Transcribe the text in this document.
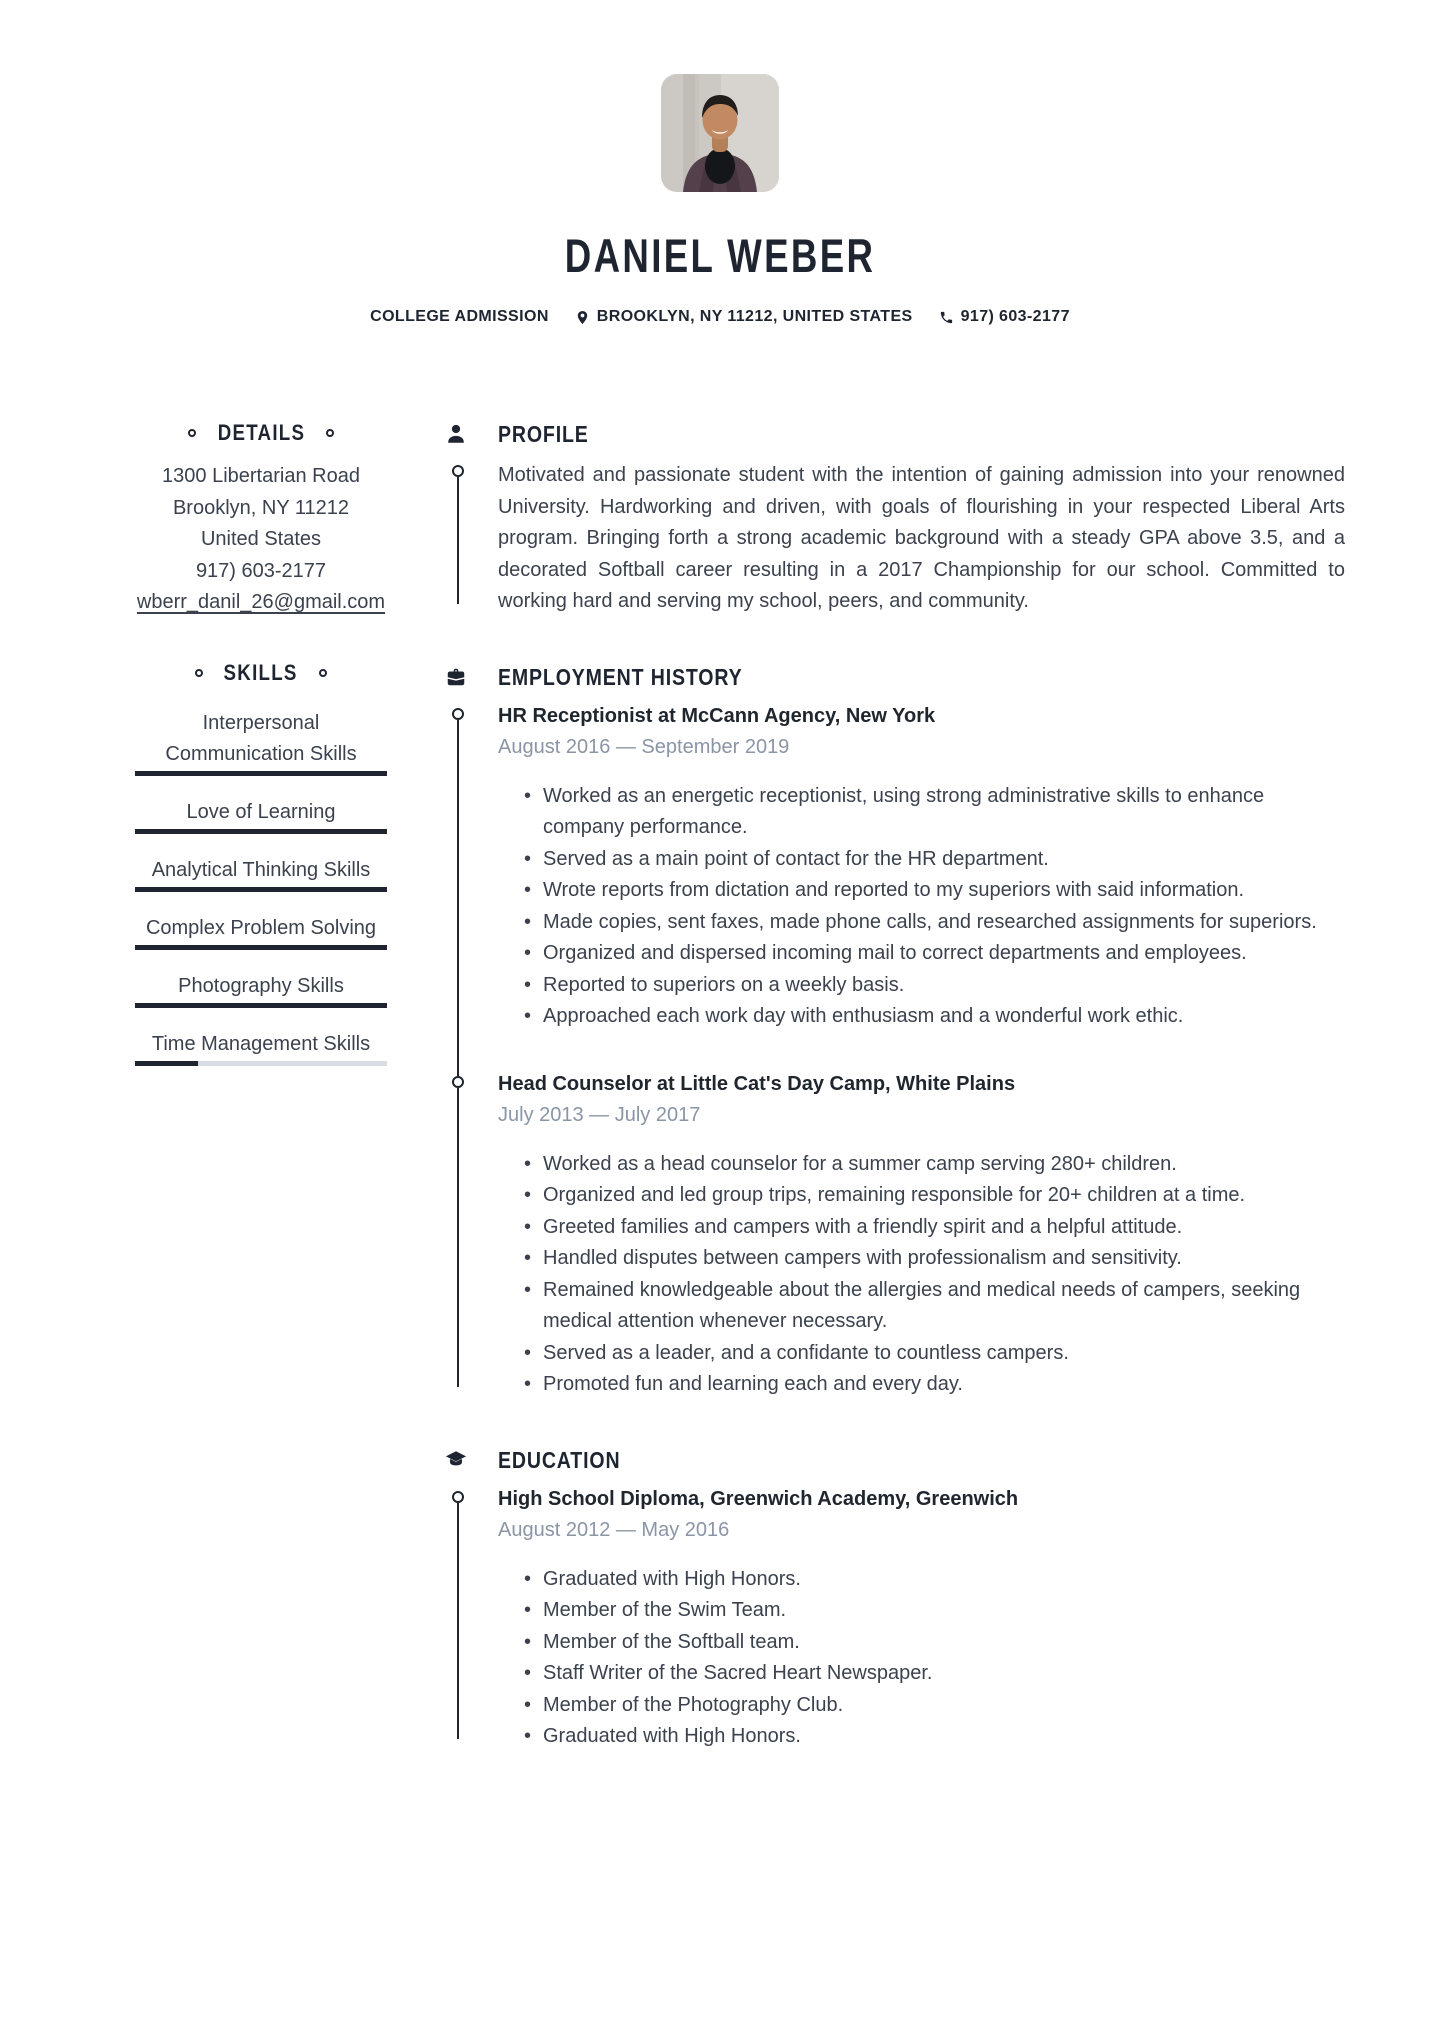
DANIEL WEBER
COLLEGE ADMISSION	BROOKLYN, NY 11212, UNITED STATES	917) 603-2177
DETAILS
1300 Libertarian Road
Brooklyn, NY 11212
United States
917) 603-2177
wberr_danil_26@gmail.com
SKILLS
Interpersonal Communication Skills
Love of Learning
Analytical Thinking Skills
Complex Problem Solving
Photography Skills
Time Management Skills
PROFILE

Motivated and passionate student with the intention of gaining admission into your renowned University. Hardworking and driven, with goals of flourishing in your respected Liberal Arts program. Bringing forth a strong academic background with a steady GPA above 3.5, and a decorated Softball career resulting in a 2017 Championship for our school. Committed to working hard and serving my school, peers, and community.

EMPLOYMENT HISTORY
HR Receptionist at McCann Agency, New York
August 2016 — September 2019
• Worked as an energetic receptionist, using strong administrative skills to enhance company performance.
• Served as a main point of contact for the HR department.
• Wrote reports from dictation and reported to my superiors with said information.
• Made copies, sent faxes, made phone calls, and researched assignments for superiors.
• Organized and dispersed incoming mail to correct departments and employees.
• Reported to superiors on a weekly basis.
• Approached each work day with enthusiasm and a wonderful work ethic.
Head Counselor at Little Cat's Day Camp, White Plains
July 2013 — July 2017
• Worked as a head counselor for a summer camp serving 280+ children.
• Organized and led group trips, remaining responsible for 20+ children at a time.
• Greeted families and campers with a friendly spirit and a helpful attitude.
• Handled disputes between campers with professionalism and sensitivity.
• Remained knowledgeable about the allergies and medical needs of campers, seeking medical attention whenever necessary.
• Served as a leader, and a confidante to countless campers.
• Promoted fun and learning each and every day.
EDUCATION
High School Diploma, Greenwich Academy, Greenwich
August 2012 — May 2016
• Graduated with High Honors.
• Member of the Swim Team.
• Member of the Softball team.
• Staff Writer of the Sacred Heart Newspaper.
• Member of the Photography Club.
• Graduated with High Honors.
